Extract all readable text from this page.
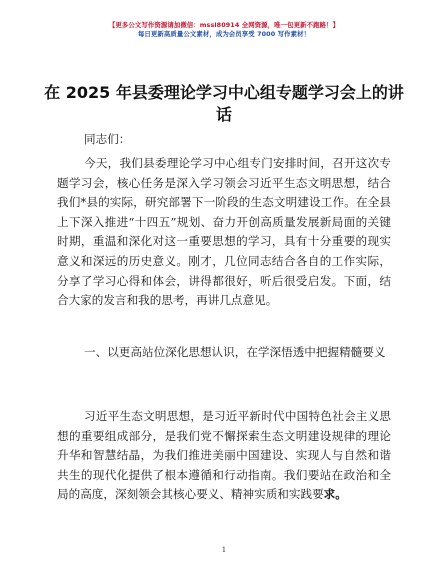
【更多公文写作资源请加微信：mssl80914 全网资源，唯一包更新不跑路！】
每日更新高质量公文素材，成为会员享受 7000 写作素材！
在 2025 年县委理论学习中心组专题学习会上的讲话
同志们：

今天，我们县委理论学习中心组专门安排时间，召开这次专题学习会，核心任务是深入学习领会习近平生态文明思想，结合我们*县的实际，研究部署下一阶段的生态文明建设工作。在全县上下深入推进“十四五”规划、奋力开创高质量发展新局面的关键时期，重温和深化对这一重要思想的学习，具有十分重要的现实意义和深远的历史意义。刚才，几位同志结合各自的工作实际，分享了学习心得和体会，讲得都很好，听后很受启发。下面，结合大家的发言和我的思考，再讲几点意见。

一、以更高站位深化思想认识，在学深悟透中把握精髓要义

习近平生态文明思想，是习近平新时代中国特色社会主义思想的重要组成部分，是我们党不懈探索生态文明建设规律的理论升华和智慧结晶，为我们推进美丽中国建设、实现人与自然和谐共生的现代化提供了根本遵循和行动指南。我们要站在政治和全局的高度，深刻领会其核心要义、精神实质和实践要求。

1
